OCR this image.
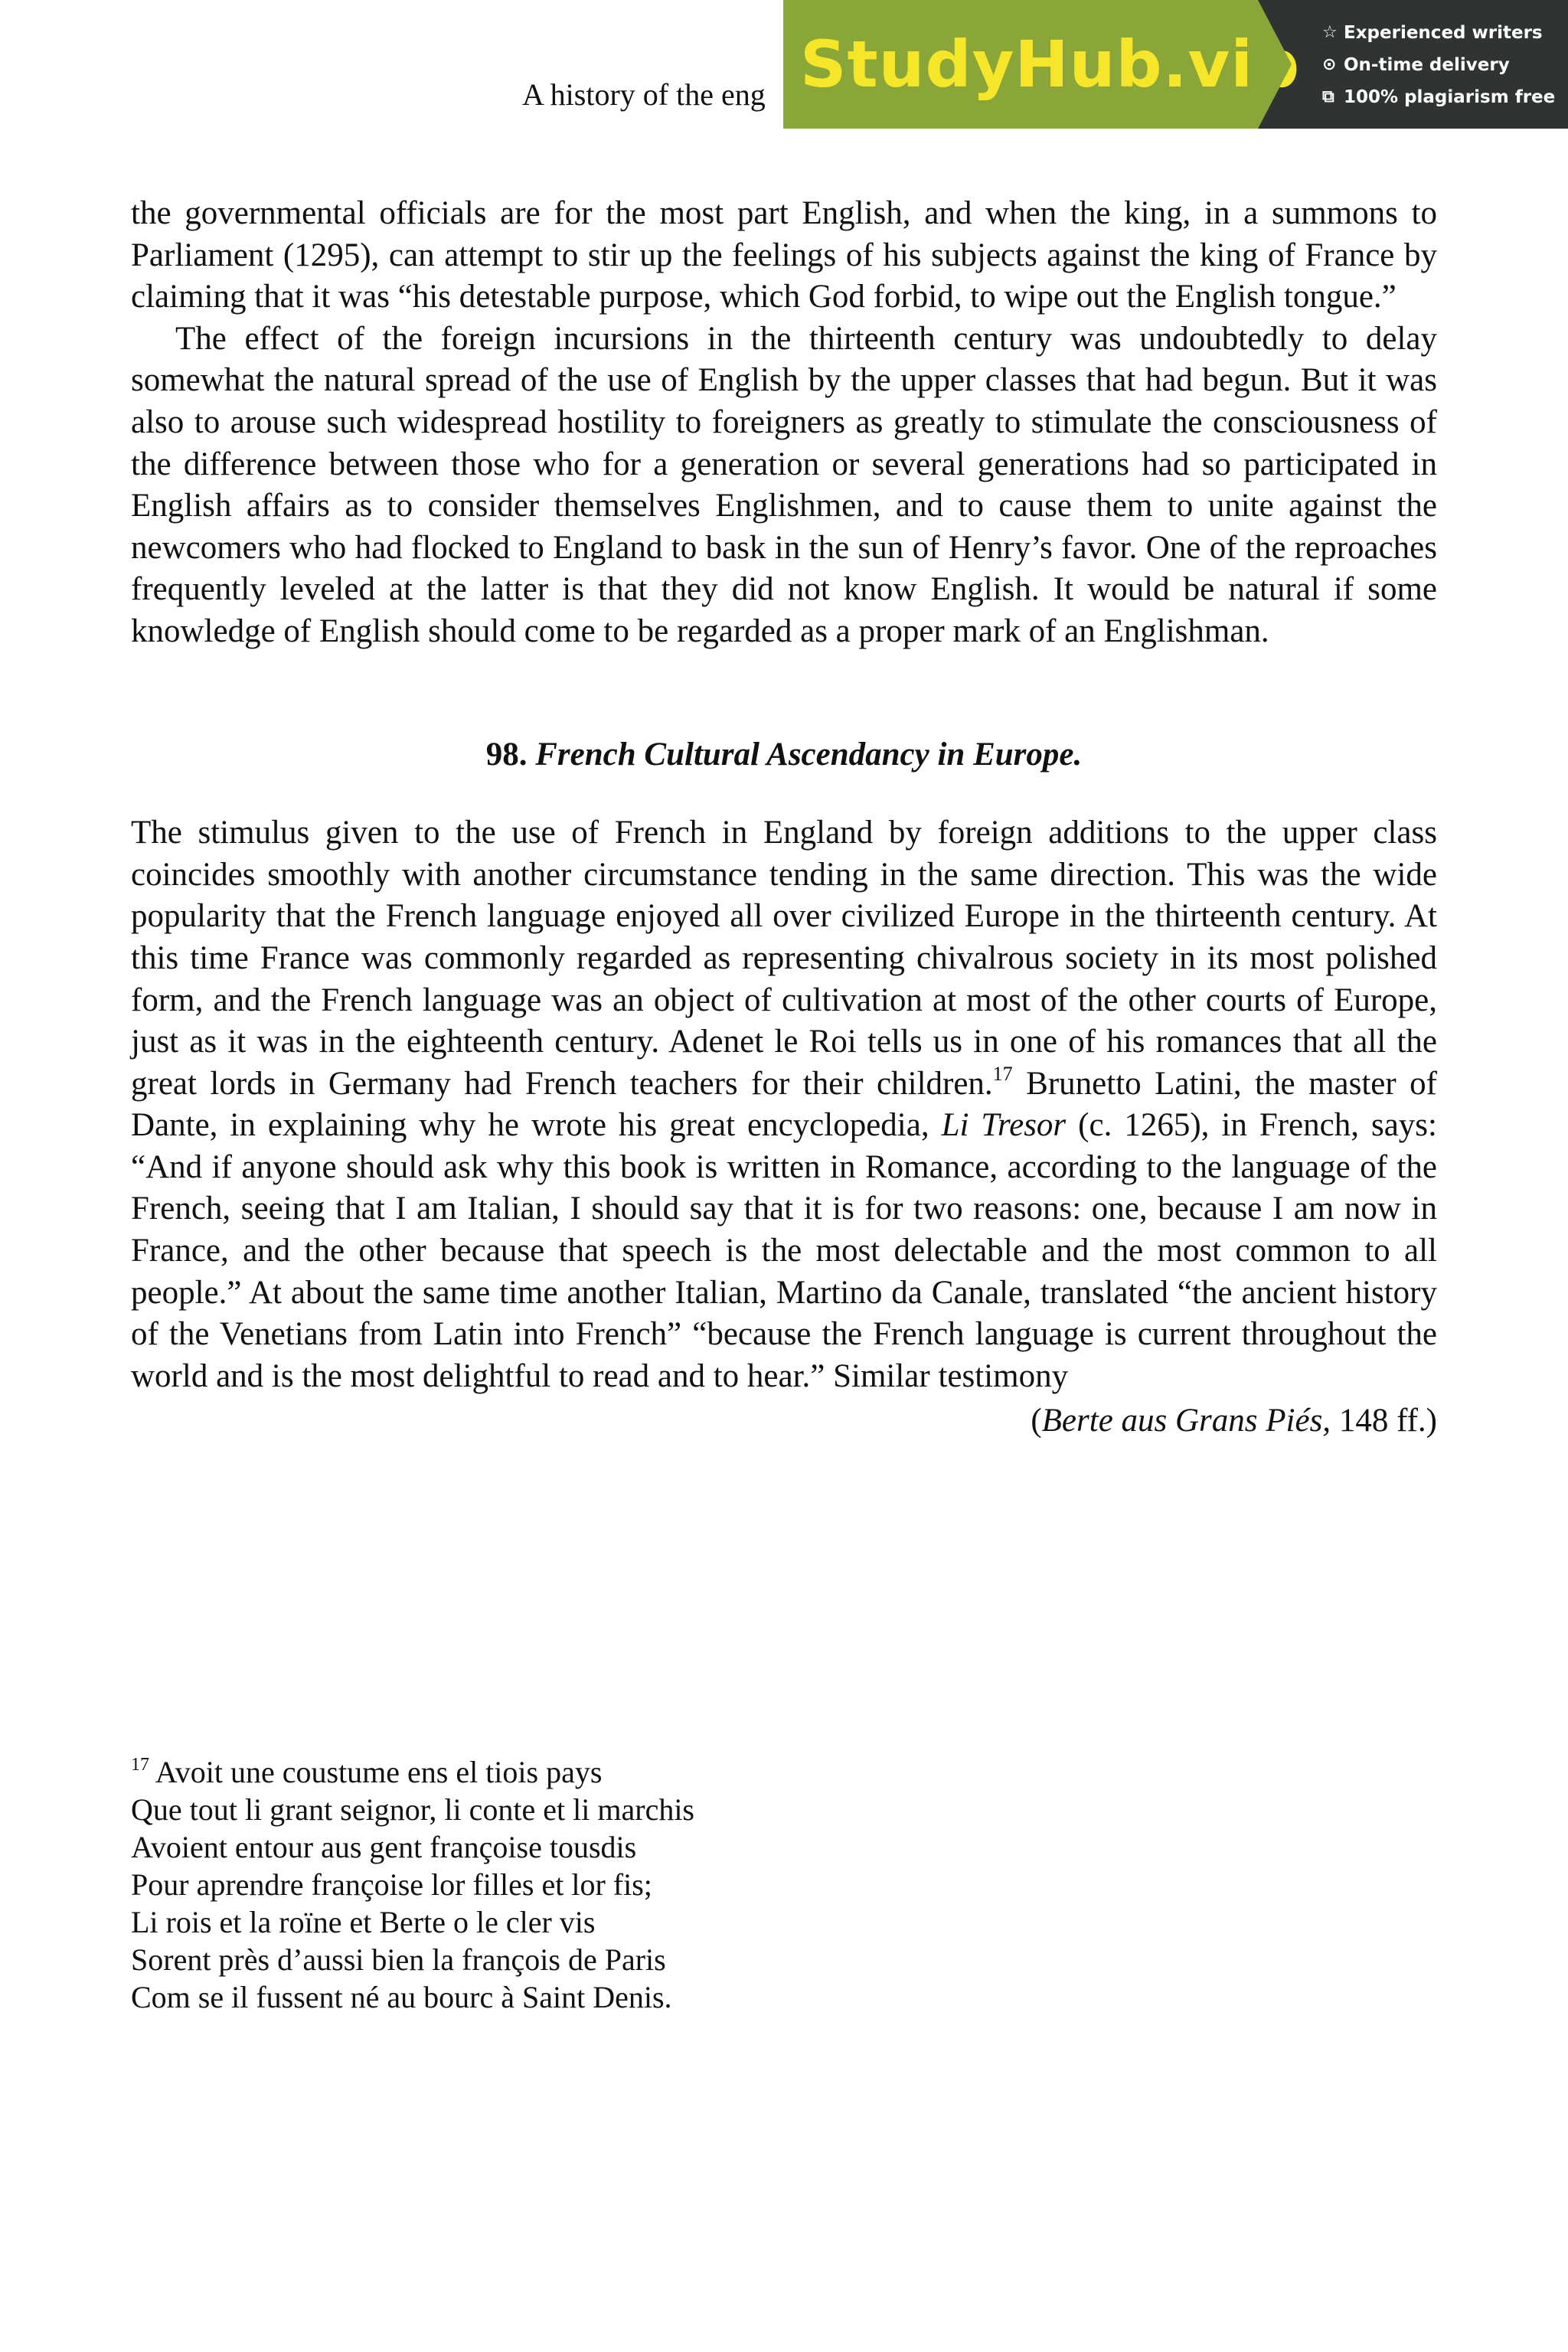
A history of the eng StudyHub.vip ☆ Experienced writers
⊙ On-time delivery
⧉ 100% plagiarism free

the governmental officials are for the most part English, and when the king, in a summons to Parliament (1295), can attempt to stir up the feelings of his subjects against the king of France by claiming that it was “his detestable purpose, which God forbid, to wipe out the English tongue.”

The effect of the foreign incursions in the thirteenth century was undoubtedly to delay somewhat the natural spread of the use of English by the upper classes that had begun. But it was also to arouse such widespread hostility to foreigners as greatly to stimulate the consciousness of the difference between those who for a generation or several generations had so participated in English affairs as to consider themselves Englishmen, and to cause them to unite against the newcomers who had flocked to England to bask in the sun of Henry’s favor. One of the reproaches frequently leveled at the latter is that they did not know English. It would be natural if some knowledge of English should come to be regarded as a proper mark of an Englishman.

98. French Cultural Ascendancy in Europe.

The stimulus given to the use of French in England by foreign additions to the upper class coincides smoothly with another circumstance tending in the same direction. This was the wide popularity that the French language enjoyed all over civilized Europe in the thirteenth century. At this time France was commonly regarded as representing chivalrous society in its most polished form, and the French language was an object of cultivation at most of the other courts of Europe, just as it was in the eighteenth century. Adenet le Roi tells us in one of his romances that all the great lords in Germany had French teachers for their children.$^{17}$ Brunetto Latini, the master of Dante, in explaining why he wrote his great encyclopedia, Li Tresor (c. 1265), in French, says: “And if anyone should ask why this book is written in Romance, according to the language of the French, seeing that I am Italian, I should say that it is for two reasons: one, because I am now in France, and the other because that speech is the most delectable and the most common to all people.” At about the same time another Italian, Martino da Canale, translated “the ancient history of the Venetians from Latin into French” “because the French language is current throughout the world and is the most delightful to read and to hear.” Similar testimony

(Berte aus Grans Piés, 148 ff.)

$^{17}$ Avoit une coustume ens el tiois pays
Que tout li grant seignor, li conte et li marchis
Avoient entour aus gent françoise tousdis
Pour aprendre françoise lor filles et lor fis;
Li rois et la roïne et Berte o le cler vis
Sorent près d’aussi bien la françois de Paris
Com se il fussent né au bourc à Saint Denis.
